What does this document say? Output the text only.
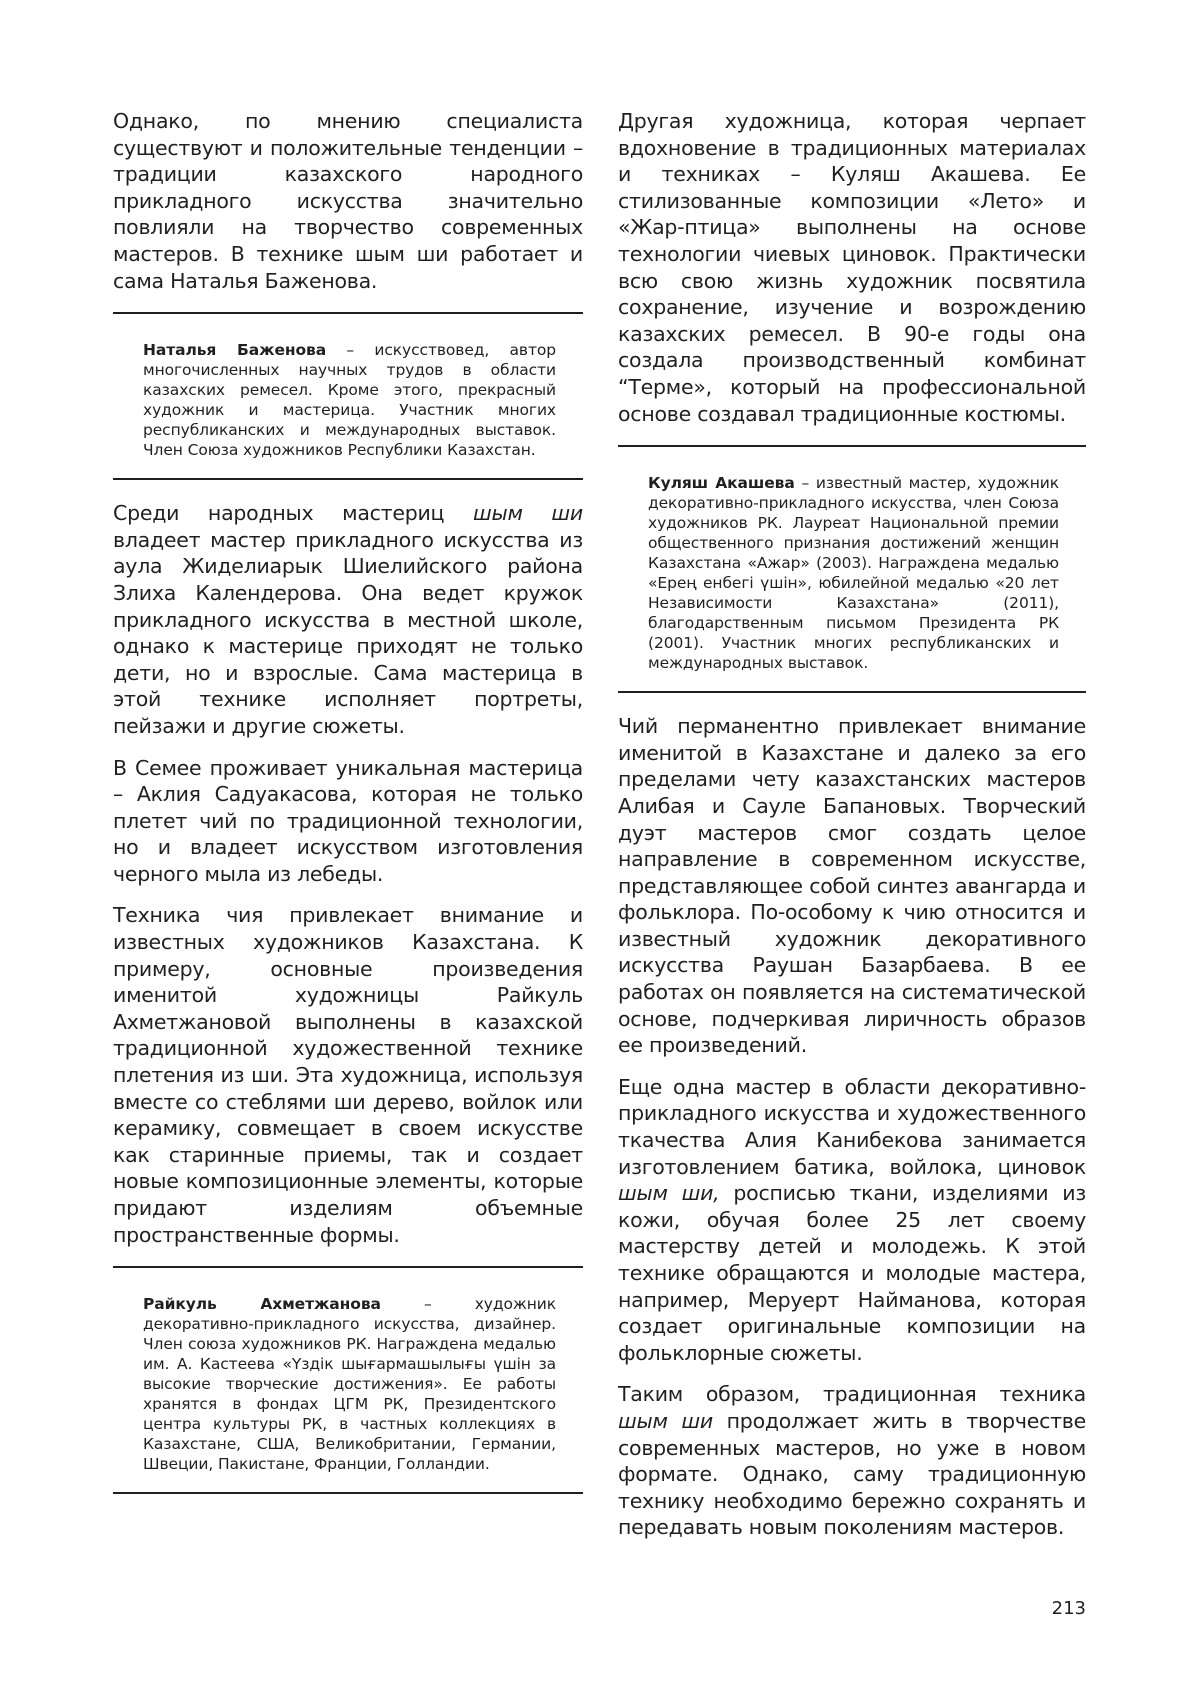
Однако, по мнению специалиста существуют и положительные тенденции – традиции казахского народного прикладного искусства значительно повлияли на творчество современных мастеров. В технике шым ши работает и сама Наталья Баженова.

Наталья Баженова – искусствовед, автор многочисленных научных трудов в области казахских ремесел. Кроме этого, прекрасный художник и мастерица. Участник многих республиканских и международных выставок. Член Союза художников Республики Казахстан.

Среди народных мастериц шым ши владеет мастер прикладного искусства из аула Жиделиарык Шиелийского района Злиха Календерова. Она ведет кружок прикладного искусства в местной школе, однако к мастерице приходят не только дети, но и взрослые. Сама мастерица в этой технике исполняет портреты, пейзажи и другие сюжеты.

В Семее проживает уникальная мастерица – Аклия Садуакасова, которая не только плетет чий по традиционной технологии, но и владеет искусством изготовления черного мыла из лебеды.

Техника чия привлекает внимание и известных художников Казахстана. К примеру, основные произведения именитой художницы Райкуль Ахметжановой выполнены в казахской традиционной художественной технике плетения из ши. Эта художница, используя вместе со стеблями ши дерево, войлок или керамику, совмещает в своем искусстве как старинные приемы, так и создает новые композиционные элементы, которые придают изделиям объемные пространственные формы.

Райкуль Ахметжанова – художник декоративно-прикладного искусства, дизайнер. Член союза художников РК. Награждена медалью им. А. Кастеева «Үздік шығармашылығы үшін за высокие творческие достижения». Ее работы хранятся в фондах ЦГМ РК, Президентского центра культуры РК, в частных коллекциях в Казахстане, США, Великобритании, Германии, Швеции, Пакистане, Франции, Голландии.

Другая художница, которая черпает вдохновение в традиционных материалах и техниках – Куляш Акашева. Ее стилизованные композиции «Лето» и «Жар-птица» выполнены на основе технологии чиевых циновок. Практически всю свою жизнь художник посвятила сохранение, изучение и возрождению казахских ремесел. В 90-е годы она создала производственный комбинат “Терме», который на профессиональной основе создавал традиционные костюмы.

Куляш Акашева – известный мастер, художник декоративно-прикладного искусства, член Союза художников РК. Лауреат Национальной премии общественного признания достижений женщин Казахстана «Ажар» (2003). Награждена медалью «Ерең енбегі үшін», юбилейной медалью «20 лет Независимости Казахстана» (2011), благодарственным письмом Президента РК (2001). Участник многих республиканских и международных выставок.

Чий перманентно привлекает внимание именитой в Казахстане и далеко за его пределами чету казахстанских мастеров Алибая и Сауле Бапановых. Творческий дуэт мастеров смог создать целое направление в современном искусстве, представляющее собой синтез авангарда и фольклора. По-особому к чию относится и известный художник декоративного искусства Раушан Базарбаева. В ее работах он появляется на систематической основе, подчеркивая лиричность образов ее произведений.

Еще одна мастер в области декоративно-прикладного искусства и художественного ткачества Алия Канибекова занимается изготовлением батика, войлока, циновок шым ши, росписью ткани, изделиями из кожи, обучая более 25 лет своему мастерству детей и молодежь. К этой технике обращаются и молодые мастера, например, Меруерт Найманова, которая создает оригинальные композиции на фольклорные сюжеты.

Таким образом, традиционная техника шым ши продолжает жить в творчестве современных мастеров, но уже в новом формате. Однако, саму традиционную технику необходимо бережно сохранять и передавать новым поколениям мастеров.

213
